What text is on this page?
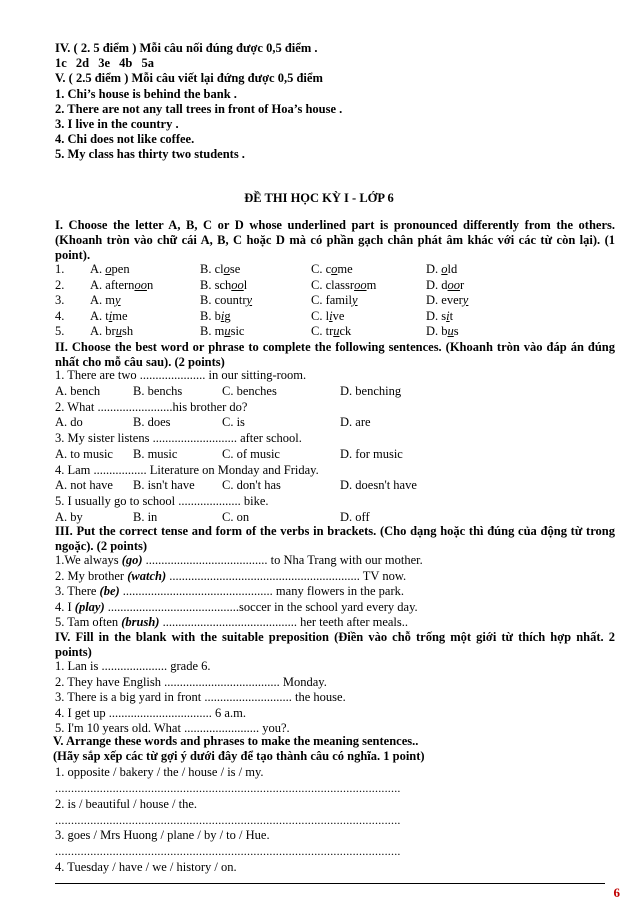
IV. ( 2. 5 điểm ) Mỗi câu nối đúng được 0,5 điểm .
1c 2d 3e 4b 5a
V. ( 2.5 điểm ) Mỗi câu viết lại đứng được 0,5 điểm
1. Chi’s house is behind the bank .
2. There are not any tall trees in front of Hoa’s house .
3. I live in the country .
4. Chi does not like coffee.
5. My class has thirty two students .
ĐỀ THI HỌC KỲ I - LỚP 6
I. Choose the letter A, B, C or D whose underlined part is pronounced differently from the others. (Khoanh tròn vào chữ cái A, B, C hoặc D mà có phần gạch chân phát âm khác với các từ còn lại). (1 point).
1.	A. open	B. close	C. come	D. old
2.	A. afternoon	B. school	C. classroom	D. door
3.	A. my	B. country	C. family	D. every
4.	A. time	B. big	C. live	D. sit
5.	A. brush	B. music	C. truck	D. bus
II. Choose the best word or phrase to complete the following sentences. (Khoanh tròn vào đáp án đúng nhất cho mỗ câu sau). (2 points)
1. There are two ..................... in our sitting-room.
A. bench	B. benchs	C. benches	D. benching
2. What ........................his brother do?
A. do	B. does	C. is	D. are
3. My sister listens ........................... after school.
A. to music B. music	C. of music	D. for music
4. Lam ................. Literature on Monday and Friday.
A. not have B. isn't have C. don't has	D. doesn't have
5. I usually go to school .................... bike.
A. by	B. in	C. on	D. off
III. Put the correct tense and form of the verbs in brackets. (Cho dạng hoặc thì đúng của động từ trong ngoặc). (2 points)
1.We always (go) ....................................... to Nha Trang with our mother.
2. My brother (watch) ............................................................. TV now.
3. There (be) ................................................ many flowers in the park.
4. I (play) ..........................................soccer in the school yard every day.
5. Tam often (brush) ........................................... her teeth after meals..
IV. Fill in the blank with the suitable preposition (Điền vào chỗ trống một giới từ thích hợp nhất. 2 points)
1. Lan is ..................... grade 6.
2. They have English ..................................... Monday.
3. There is a big yard in front ............................ the house.
4. I get up ................................. 6 a.m.
5. I'm 10 years old. What ........................ you?.
V. Arrange these words and phrases to make the meaning sentences..
(Hãy sắp xếp các từ gợi ý dưới đây để tạo thành câu có nghĩa. 1 point)
1. opposite / bakery / the / house / is / my.
............................................................................................................
2. is / beautiful / house / the.
............................................................................................................
3. goes / Mrs Huong / plane / by / to / Hue.
............................................................................................................
4. Tuesday / have / we / history / on.
6
